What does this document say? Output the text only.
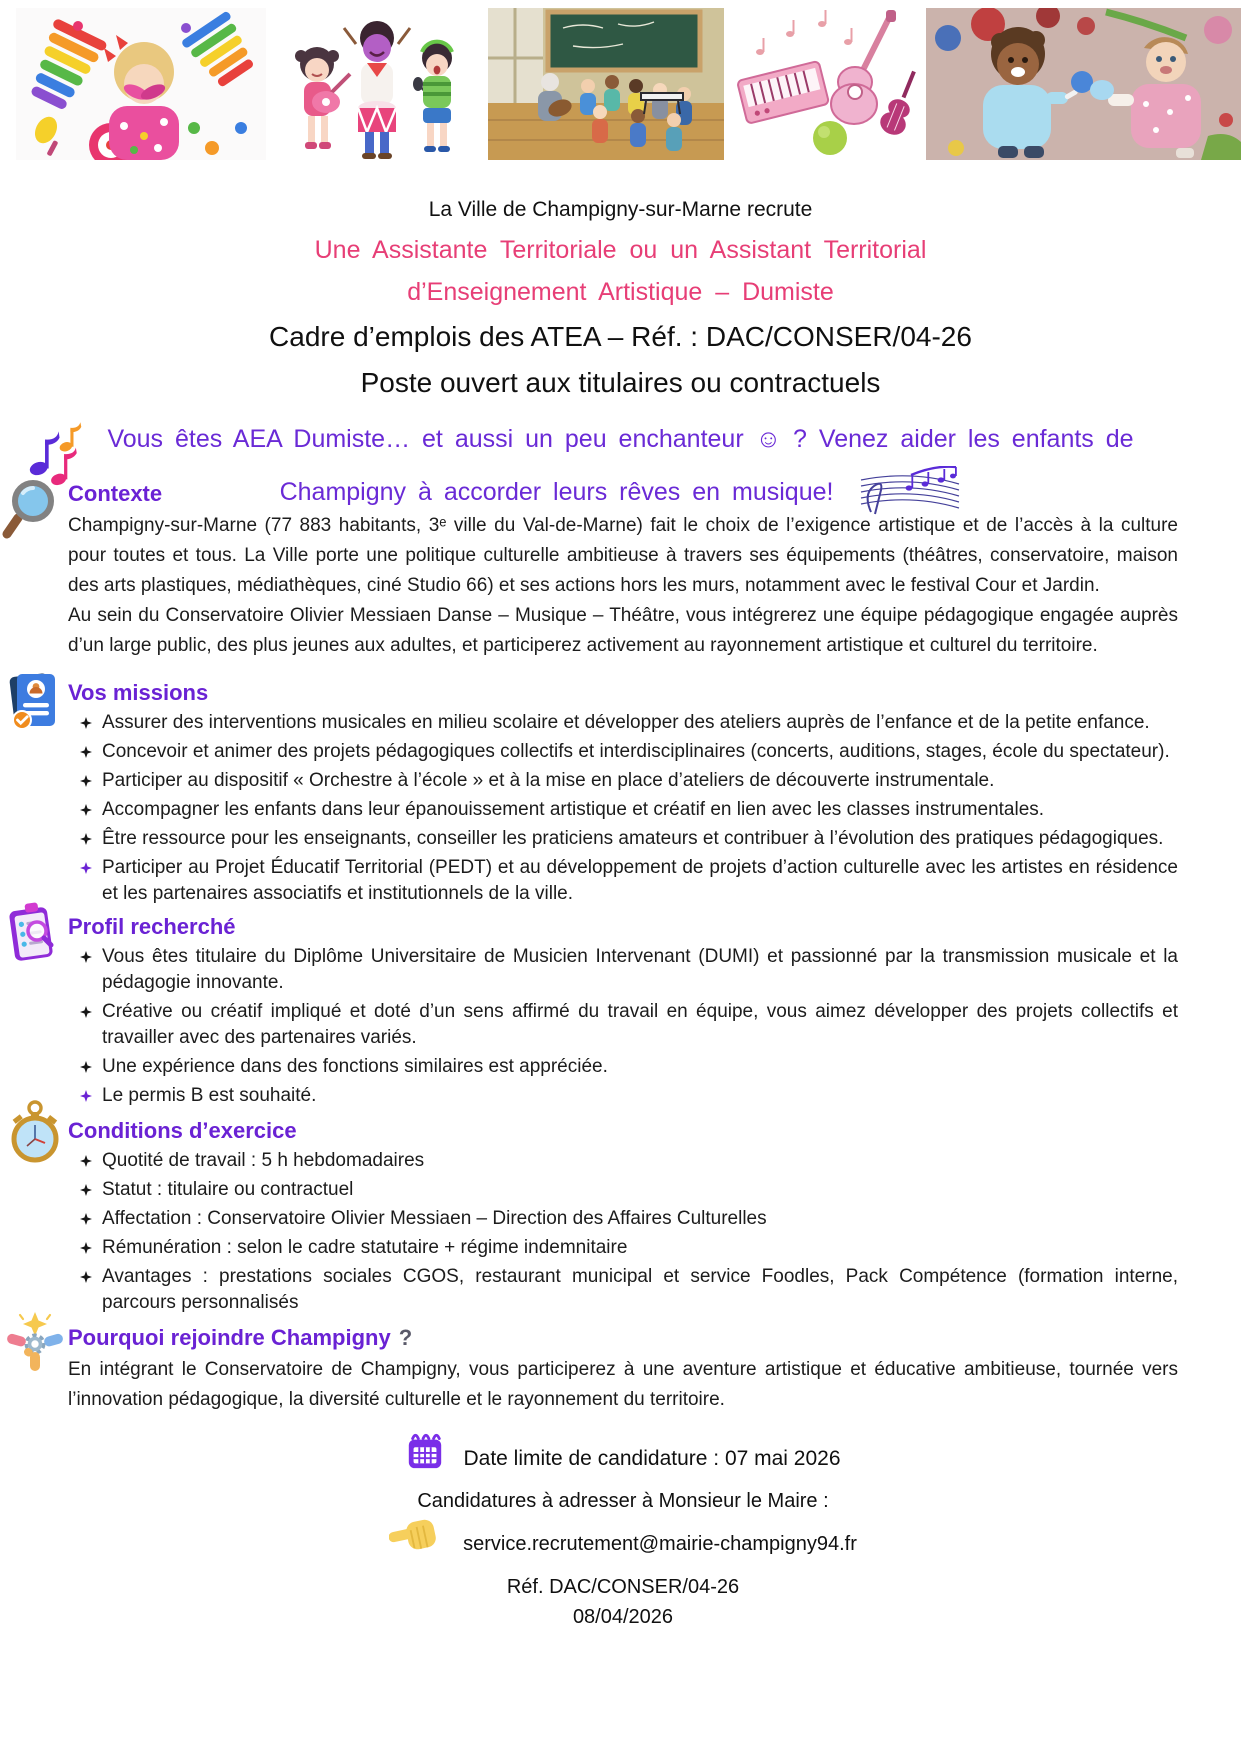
La Ville de Champigny-sur-Marne recrute
Une Assistante Territoriale ou un Assistant Territorial
d’Enseignement Artistique – Dumiste
Cadre d’emplois des ATEA – Réf. : DAC/CONSER/04-26
Poste ouvert aux titulaires ou contractuels
Vous êtes AEA Dumiste… et aussi un peu enchanteur ☺ ? Venez aider les enfants de
Champigny à accorder leurs rêves en musique!
Contexte

Champigny-sur-Marne (77 883 habitants, 3ᵉ ville du Val-de-Marne) fait le choix de l’exigence artistique et de l’accès à la culture pour toutes et tous. La Ville porte une politique culturelle ambitieuse à travers ses équipements (théâtres, conservatoire, maison des arts plastiques, médiathèques, ciné Studio 66) et ses actions hors les murs, notamment avec le festival Cour et Jardin.

Au sein du Conservatoire Olivier Messiaen Danse – Musique – Théâtre, vous intégrerez une équipe pédagogique engagée auprès d’un large public, des plus jeunes aux adultes, et participerez activement au rayonnement artistique et culturel du territoire.

Vos missions
Assurer des interventions musicales en milieu scolaire et développer des ateliers auprès de l’enfance et de la petite enfance.
Concevoir et animer des projets pédagogiques collectifs et interdisciplinaires (concerts, auditions, stages, école du spectateur).
Participer au dispositif « Orchestre à l’école » et à la mise en place d’ateliers de découverte instrumentale.
Accompagner les enfants dans leur épanouissement artistique et créatif en lien avec les classes instrumentales.
Être ressource pour les enseignants, conseiller les praticiens amateurs et contribuer à l’évolution des pratiques pédagogiques.
Participer au Projet Éducatif Territorial (PEDT) et au développement de projets d’action culturelle avec les artistes en résidence et les partenaires associatifs et institutionnels de la ville.
Profil recherché
Vous êtes titulaire du Diplôme Universitaire de Musicien Intervenant (DUMI) et passionné par la transmission musicale et la pédagogie innovante.
Créative ou créatif impliqué et doté d’un sens affirmé du travail en équipe, vous aimez développer des projets collectifs et travailler avec des partenaires variés.
Une expérience dans des fonctions similaires est appréciée.
Le permis B est souhaité.
Conditions d’exercice
Quotité de travail : 5 h hebdomadaires
Statut : titulaire ou contractuel
Affectation : Conservatoire Olivier Messiaen – Direction des Affaires Culturelles
Rémunération : selon le cadre statutaire + régime indemnitaire
Avantages : prestations sociales CGOS, restaurant municipal et service Foodles, Pack Compétence (formation interne, parcours personnalisés
Pourquoi rejoindre Champigny ?

En intégrant le Conservatoire de Champigny, vous participerez à une aventure artistique et éducative ambitieuse, tournée vers l’innovation pédagogique, la diversité culturelle et le rayonnement du territoire.

Date limite de candidature : 07 mai 2026
Candidatures à adresser à Monsieur le Maire :
service.recrutement@mairie-champigny94.fr
Réf. DAC/CONSER/04-26
08/04/2026
